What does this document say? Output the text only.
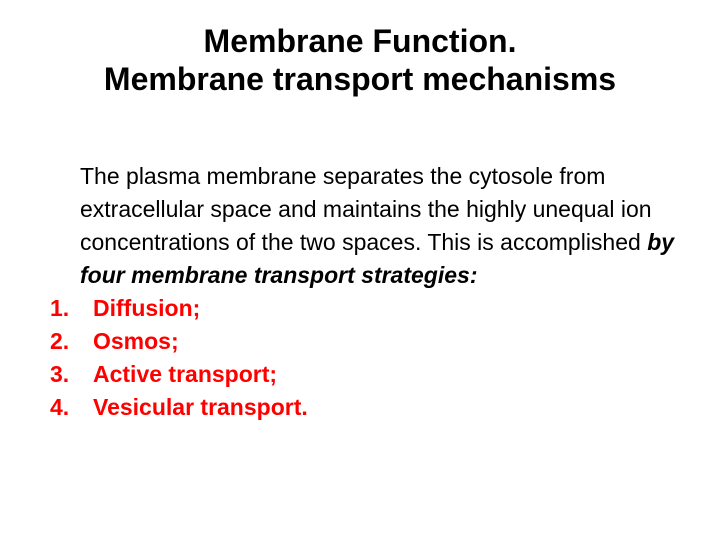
Membrane Function.
Membrane transport mechanisms
The plasma membrane separates the cytosole from extracellular space and maintains the highly unequal ion concentrations of the two spaces. This is accomplished by four membrane transport strategies:
1. Diffusion;
2. Osmos;
3. Active transport;
4. Vesicular transport.
